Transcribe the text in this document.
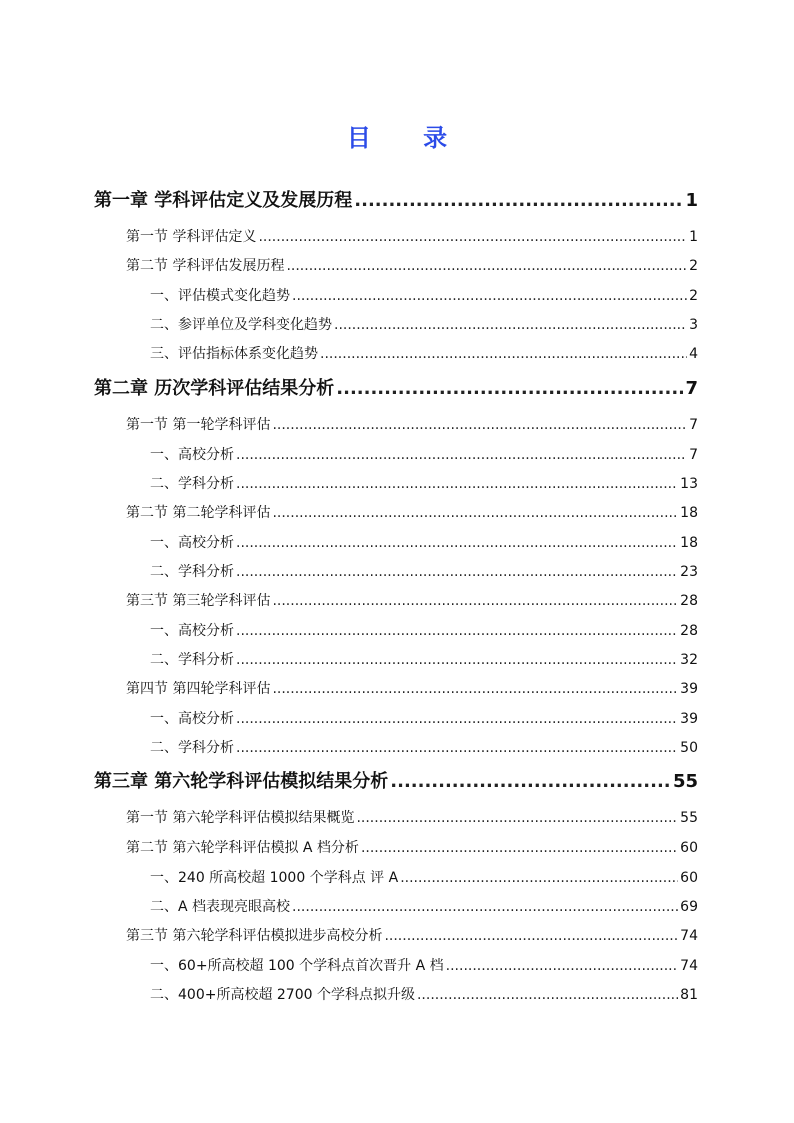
目 录
第一章 学科评估定义及发展历程 .....	1
第一节 学科评估定义 .....	1
第二节 学科评估发展历程 .....	2
一、评估模式变化趋势 .....	2
二、参评单位及学科变化趋势 .....	3
三、评估指标体系变化趋势 .....	4
第二章 历次学科评估结果分析 .....	7
第一节 第一轮学科评估 .....	7
一、高校分析 .....	7
二、学科分析 .....	13
第二节 第二轮学科评估 .....	18
一、高校分析 .....	18
二、学科分析 .....	23
第三节 第三轮学科评估 .....	28
一、高校分析 .....	28
二、学科分析 .....	32
第四节 第四轮学科评估 .....	39
一、高校分析 .....	39
二、学科分析 .....	50
第三章 第六轮学科评估模拟结果分析 .....	55
第一节 第六轮学科评估模拟结果概览 .....	55
第二节 第六轮学科评估模拟 A 档分析 .....	60
一、240 所高校超 1000 个学科点 评 A .....	60
二、A 档表现亮眼高校 .....	69
第三节 第六轮学科评估模拟进步高校分析 .....	74
一、60+所高校超 100 个学科点首次晋升 A 档 .....	74
二、400+所高校超 2700 个学科点拟升级 .....	81
